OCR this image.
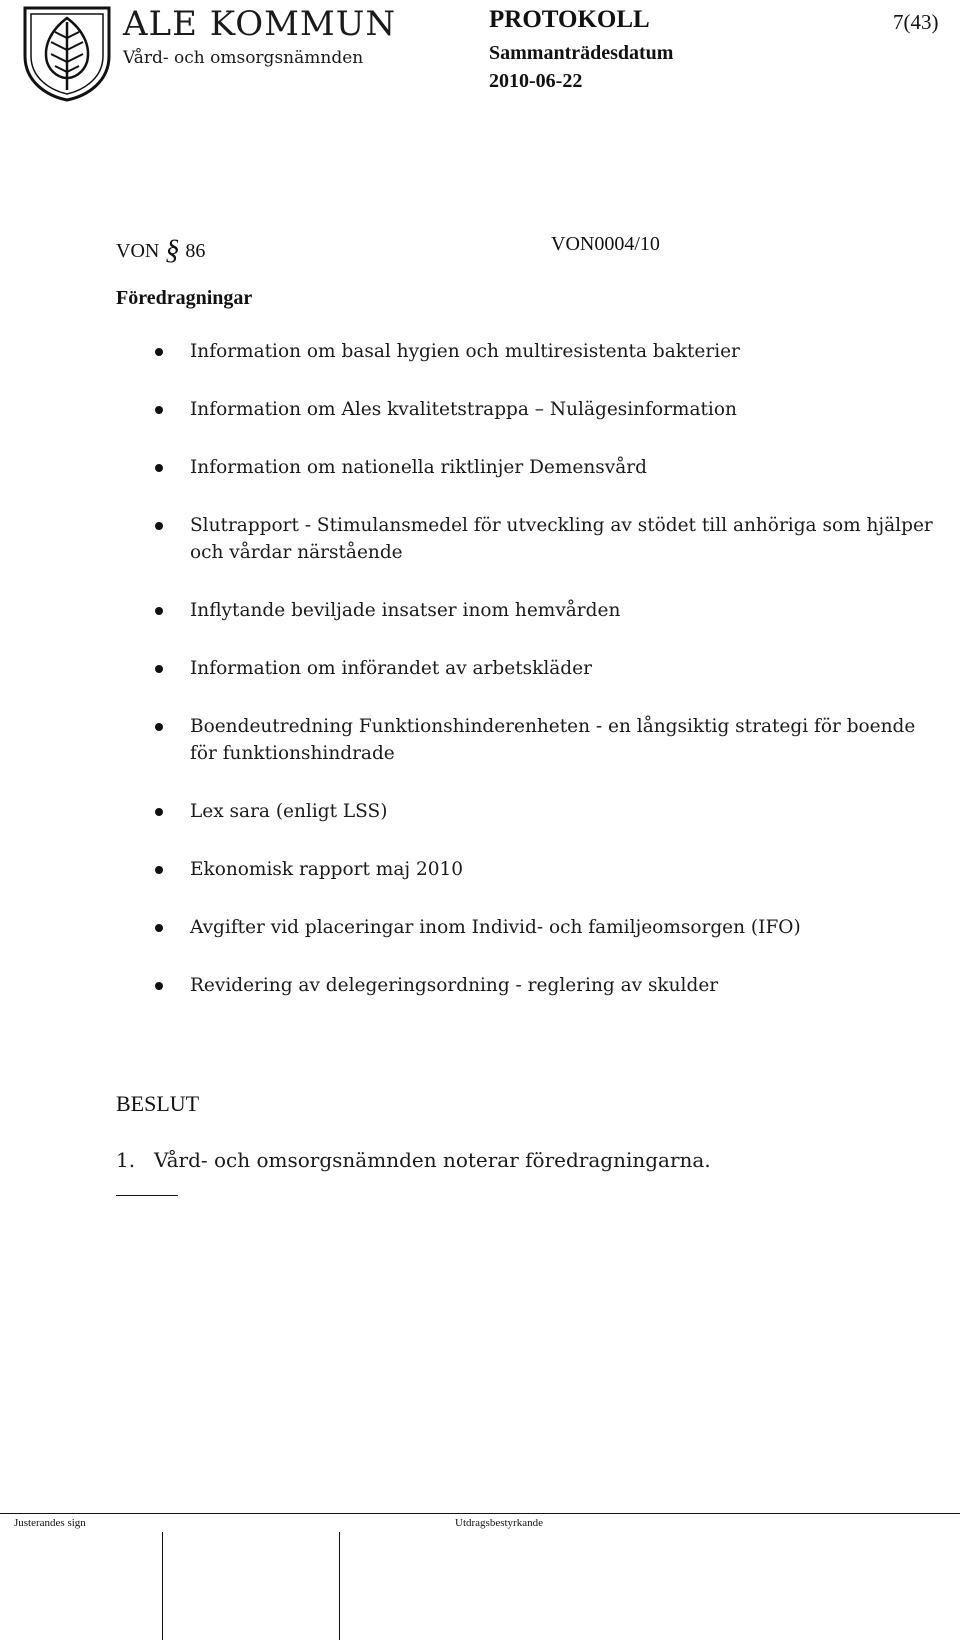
ALE KOMMUN
Vård- och omsorgsnämnden
PROTOKOLL	7(43)
Sammanträdesdatum
2010-06-22
VON § 86	VON0004/10
Föredragningar
Information om basal hygien och multiresistenta bakterier
Information om Ales kvalitetstrappa – Nulägesinformation
Information om nationella riktlinjer Demensvård
Slutrapport - Stimulansmedel för utveckling av stödet till anhöriga som hjälper och vårdar närstående
Inflytande beviljade insatser inom hemvården
Information om införandet av arbetskläder
Boendeutredning Funktionshinderenheten - en långsiktig strategi för boende för funktionshindrade
Lex sara (enligt LSS)
Ekonomisk rapport maj 2010
Avgifter vid placeringar inom Individ- och familjeomsorgen (IFO)
Revidering av delegeringsordning - reglering av skulder
BESLUT
1. Vård- och omsorgsnämnden noterar föredragningarna.
Justerandes sign	Utdragsbestyrkande
